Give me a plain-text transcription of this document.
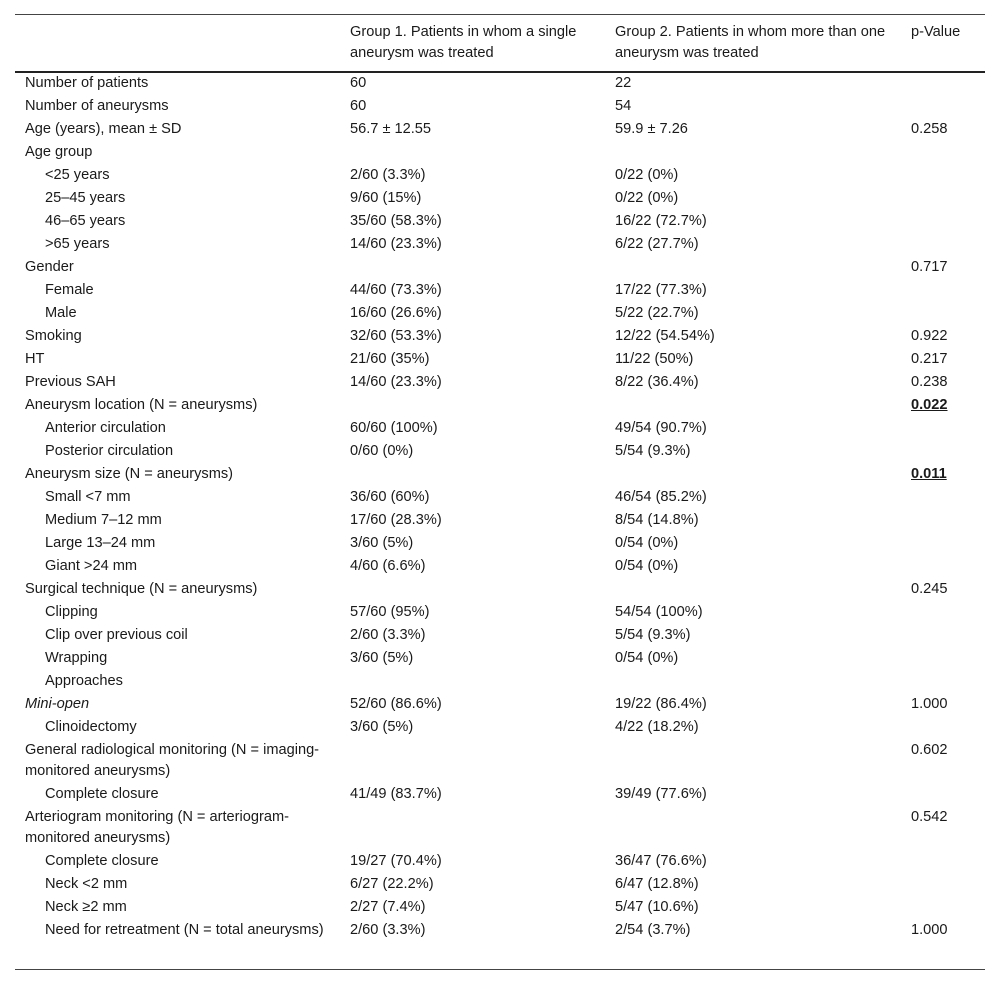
	Group 1. Patients in whom a single aneurysm was treated	Group 2. Patients in whom more than one aneurysm was treated	p-Value
Number of patients	60	22	
Number of aneurysms	60	54	
Age (years), mean ± SD	56.7 ± 12.55	59.9 ± 7.26	0.258
Age group			
<25 years	2/60 (3.3%)	0/22 (0%)	
25–45 years	9/60 (15%)	0/22 (0%)	
46–65 years	35/60 (58.3%)	16/22 (72.7%)	
>65 years	14/60 (23.3%)	6/22 (27.7%)	
Gender			0.717
Female	44/60 (73.3%)	17/22 (77.3%)	
Male	16/60 (26.6%)	5/22 (22.7%)	
Smoking	32/60 (53.3%)	12/22 (54.54%)	0.922
HT	21/60 (35%)	11/22 (50%)	0.217
Previous SAH	14/60 (23.3%)	8/22 (36.4%)	0.238
Aneurysm location (N = aneurysms)			0.022
Anterior circulation	60/60 (100%)	49/54 (90.7%)	
Posterior circulation	0/60 (0%)	5/54 (9.3%)	
Aneurysm size (N = aneurysms)			0.011
Small <7 mm	36/60 (60%)	46/54 (85.2%)	
Medium 7–12 mm	17/60 (28.3%)	8/54 (14.8%)	
Large 13–24 mm	3/60 (5%)	0/54 (0%)	
Giant >24 mm	4/60 (6.6%)	0/54 (0%)	
Surgical technique (N = aneurysms)			0.245
Clipping	57/60 (95%)	54/54 (100%)	
Clip over previous coil	2/60 (3.3%)	5/54 (9.3%)	
Wrapping	3/60 (5%)	0/54 (0%)	
Approaches			
Mini-open	52/60 (86.6%)	19/22 (86.4%)	1.000
Clinoidectomy	3/60 (5%)	4/22 (18.2%)	
General radiological monitoring (N = imaging-monitored aneurysms)			0.602
Complete closure	41/49 (83.7%)	39/49 (77.6%)	
Arteriogram monitoring (N = arteriogram-monitored aneurysms)			0.542
Complete closure	19/27 (70.4%)	36/47 (76.6%)	
Neck <2 mm	6/27 (22.2%)	6/47 (12.8%)	
Neck ≥2 mm	2/27 (7.4%)	5/47 (10.6%)	
Need for retreatment (N = total aneurysms)	2/60 (3.3%)	2/54 (3.7%)	1.000
